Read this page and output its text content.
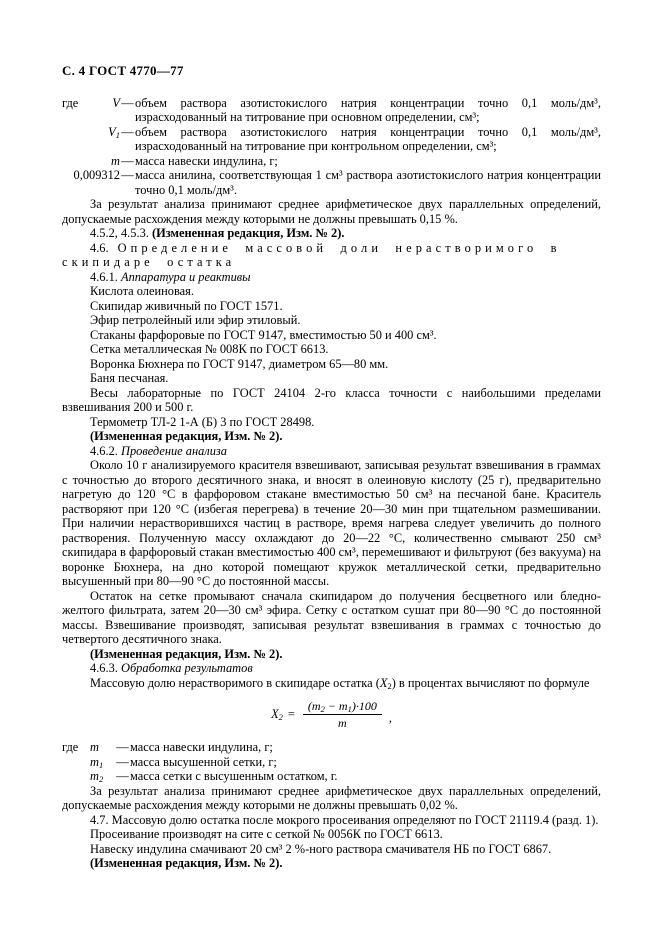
С. 4 ГОСТ 4770—77
где	V — объем раствора азотистокислого натрия концентрации точно 0,1 моль/дм³, израсходованный на титрование при основном определении, см³;
$V_1$ — объем раствора азотистокислого натрия концентрации точно 0,1 моль/дм³, израсходованный на титрование при контрольном определении, см³;
m — масса навески индулина, г;
0,009312 — масса анилина, соответствующая 1 см³ раствора азотистокислого натрия концентрации точно 0,1 моль/дм³.

За результат анализа принимают среднее арифметическое двух параллельных определений, допускаемые расхождения между которыми не должны превышать 0,15 %.

4.5.2, 4.5.3. (Измененная редакция, Изм. № 2).

4.6. Определение массовой доли нерастворимого в скипидаре остатка

4.6.1. Аппаратура и реактивы

Кислота олеиновая.

Скипидар живичный по ГОСТ 1571.

Эфир петролейный или эфир этиловый.

Стаканы фарфоровые по ГОСТ 9147, вместимостью 50 и 400 см³.

Сетка металлическая № 008К по ГОСТ 6613.

Воронка Бюхнера по ГОСТ 9147, диаметром 65—80 мм.

Баня песчаная.

Весы лабораторные по ГОСТ 24104 2-го класса точности с наибольшими пределами взвешивания 200 и 500 г.

Термометр ТЛ-2 1-А (Б) 3 по ГОСТ 28498.

(Измененная редакция, Изм. № 2).

4.6.2. Проведение анализа

Около 10 г анализируемого красителя взвешивают, записывая результат взвешивания в граммах с точностью до второго десятичного знака, и вносят в олеиновую кислоту (25 г), предварительно нагретую до 120 °С в фарфоровом стакане вместимостью 50 см³ на песчаной бане. Краситель растворяют при 120 °С (избегая перегрева) в течение 20—30 мин при тщательном размешивании. При наличии нерастворившихся частиц в растворе, время нагрева следует увеличить до полного растворения. Полученную массу охлаждают до 20—22 °С, количественно смывают 250 см³ скипидара в фарфоровый стакан вместимостью 400 см³, перемешивают и фильтруют (без вакуума) на воронке Бюхнера, на дно которой помещают кружок металлической сетки, предварительно высушенный при 80—90 °С до постоянной массы.

Остаток на сетке промывают сначала скипидаром до получения бесцветного или бледно-желтого фильтрата, затем 20—30 см³ эфира. Сетку с остатком сушат при 80—90 °С до постоянной массы. Взвешивание производят, записывая результат взвешивания в граммах с точностью до четвертого десятичного знака.

(Измененная редакция, Изм. № 2).

4.6.3. Обработка результатов

Массовую долю нерастворимого в скипидаре остатка $(X_2)$ в процентах вычисляют по формуле

$X_2 = \frac{(m_2 - m_1)\cdot 100}{m}$ ,
где m	— масса навески индулина, г;
$m_1$	— масса высушенной сетки, г;
$m_2$	— масса сетки с высушенным остатком, г.

За результат анализа принимают среднее арифметическое двух параллельных определений, допускаемые расхождения между которыми не должны превышать 0,02 %.

4.7. Массовую долю остатка после мокрого просеивания определяют по ГОСТ 21119.4 (разд. 1).

Просеивание производят на сите с сеткой № 0056К по ГОСТ 6613.

Навеску индулина смачивают 20 см³ 2 %-ного раствора смачивателя НБ по ГОСТ 6867.

(Измененная редакция, Изм. № 2).
